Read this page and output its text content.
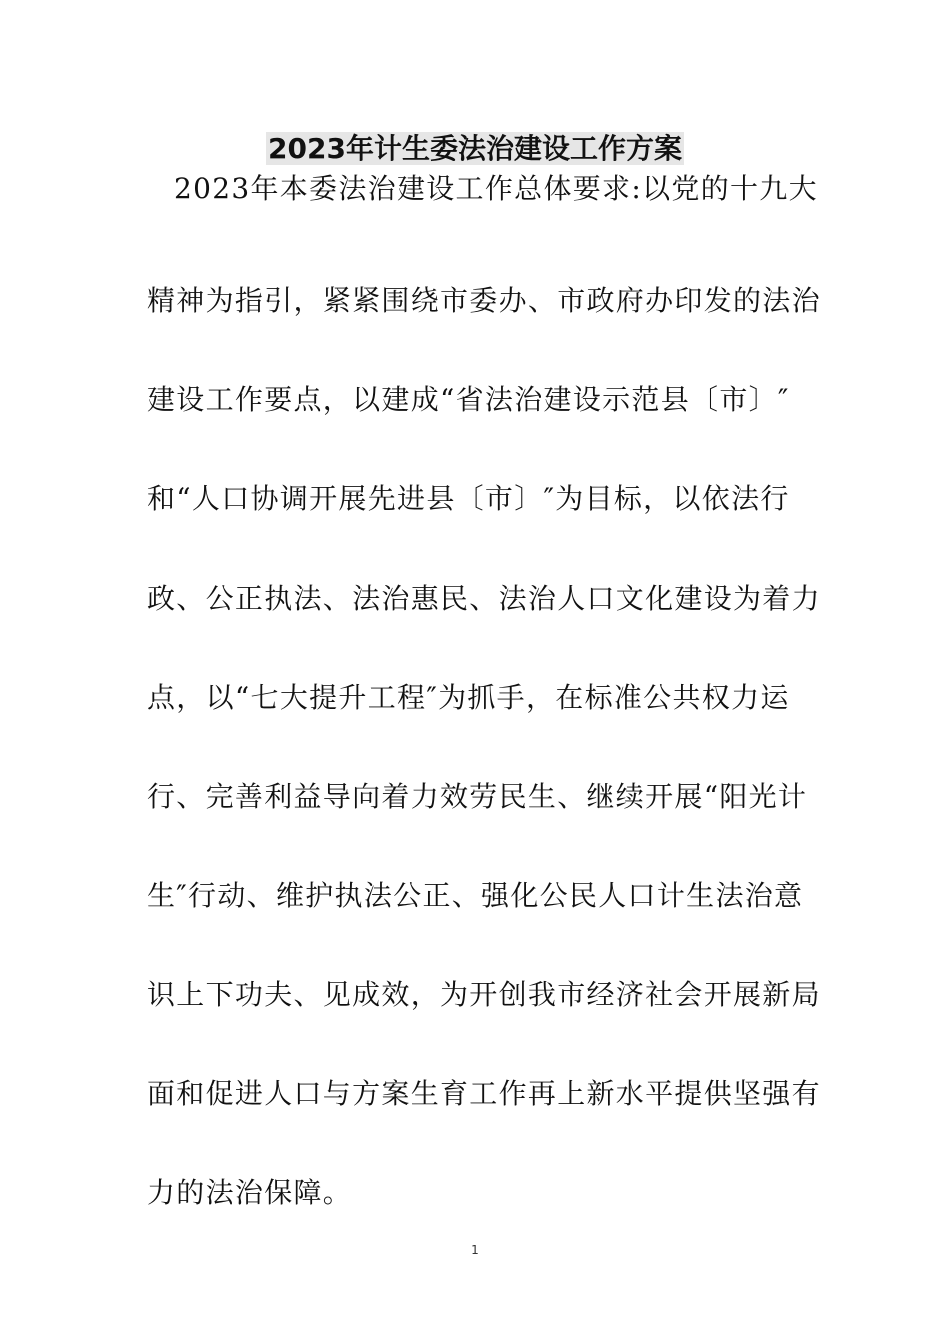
2023年计生委法治建设工作方案
2023年本委法治建设工作总体要求:以党的十九大
精神为指引，紧紧围绕市委办、市政府办印发的法治
建设工作要点，以建成“省法治建设示范县〔市〕″
和“人口协调开展先进县〔市〕″为目标，以依法行
政、公正执法、法治惠民、法治人口文化建设为着力
点，以“七大提升工程″为抓手，在标准公共权力运
行、完善利益导向着力效劳民生、继续开展“阳光计
生″行动、维护执法公正、强化公民人口计生法治意
识上下功夫、见成效，为开创我市经济社会开展新局
面和促进人口与方案生育工作再上新水平提供坚强有
力的法治保障。
1
